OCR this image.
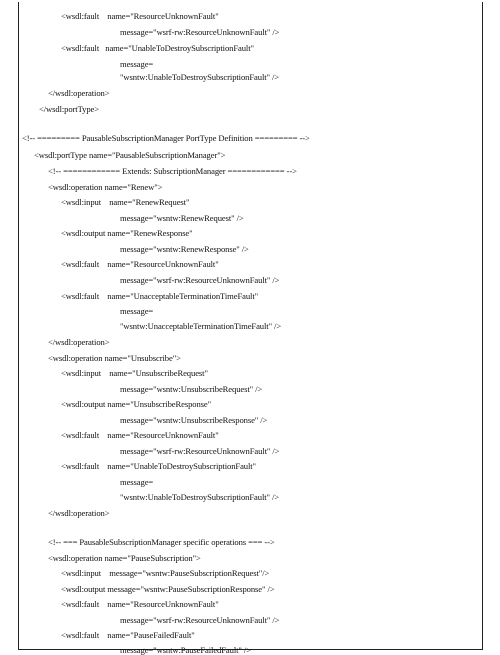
<wsdl:fault    name="ResourceUnknownFault"
message="wsrf-rw:ResourceUnknownFault" />
<wsdl:fault   name="UnableToDestroySubscriptionFault"
message=
"wsntw:UnableToDestroySubscriptionFault" />
</wsdl:operation>
</wsdl:portType>
<!-- ========= PausableSubscriptionManager PortType Definition ========= -->
<wsdl:portType name="PausableSubscriptionManager">
<!-- ============ Extends: SubscriptionManager ============ -->
<wsdl:operation name="Renew">
<wsdl:input    name="RenewRequest"
message="wsntw:RenewRequest" />
<wsdl:output name="RenewResponse"
message="wsntw:RenewResponse" />
<wsdl:fault    name="ResourceUnknownFault"
message="wsrf-rw:ResourceUnknownFault" />
<wsdl:fault    name="UnacceptableTerminationTimeFault"
message=
"wsntw:UnacceptableTerminationTimeFault" />
</wsdl:operation>
<wsdl:operation name="Unsubscribe">
<wsdl:input    name="UnsubscribeRequest"
message="wsntw:UnsubscribeRequest" />
<wsdl:output name="UnsubscribeResponse"
message="wsntw:UnsubscribeResponse" />
<wsdl:fault    name="ResourceUnknownFault"
message="wsrf-rw:ResourceUnknownFault" />
<wsdl:fault    name="UnableToDestroySubscriptionFault"
message=
"wsntw:UnableToDestroySubscriptionFault" />
</wsdl:operation>
<!-- === PausableSubscriptionManager specific operations === -->
<wsdl:operation name="PauseSubscription">
<wsdl:input    message="wsntw:PauseSubscriptionRequest"/>
<wsdl:output message="wsntw:PauseSubscriptionResponse" />
<wsdl:fault    name="ResourceUnknownFault"
message="wsrf-rw:ResourceUnknownFault" />
<wsdl:fault    name="PauseFailedFault"
message="wsntw:PauseFailedFault" />
